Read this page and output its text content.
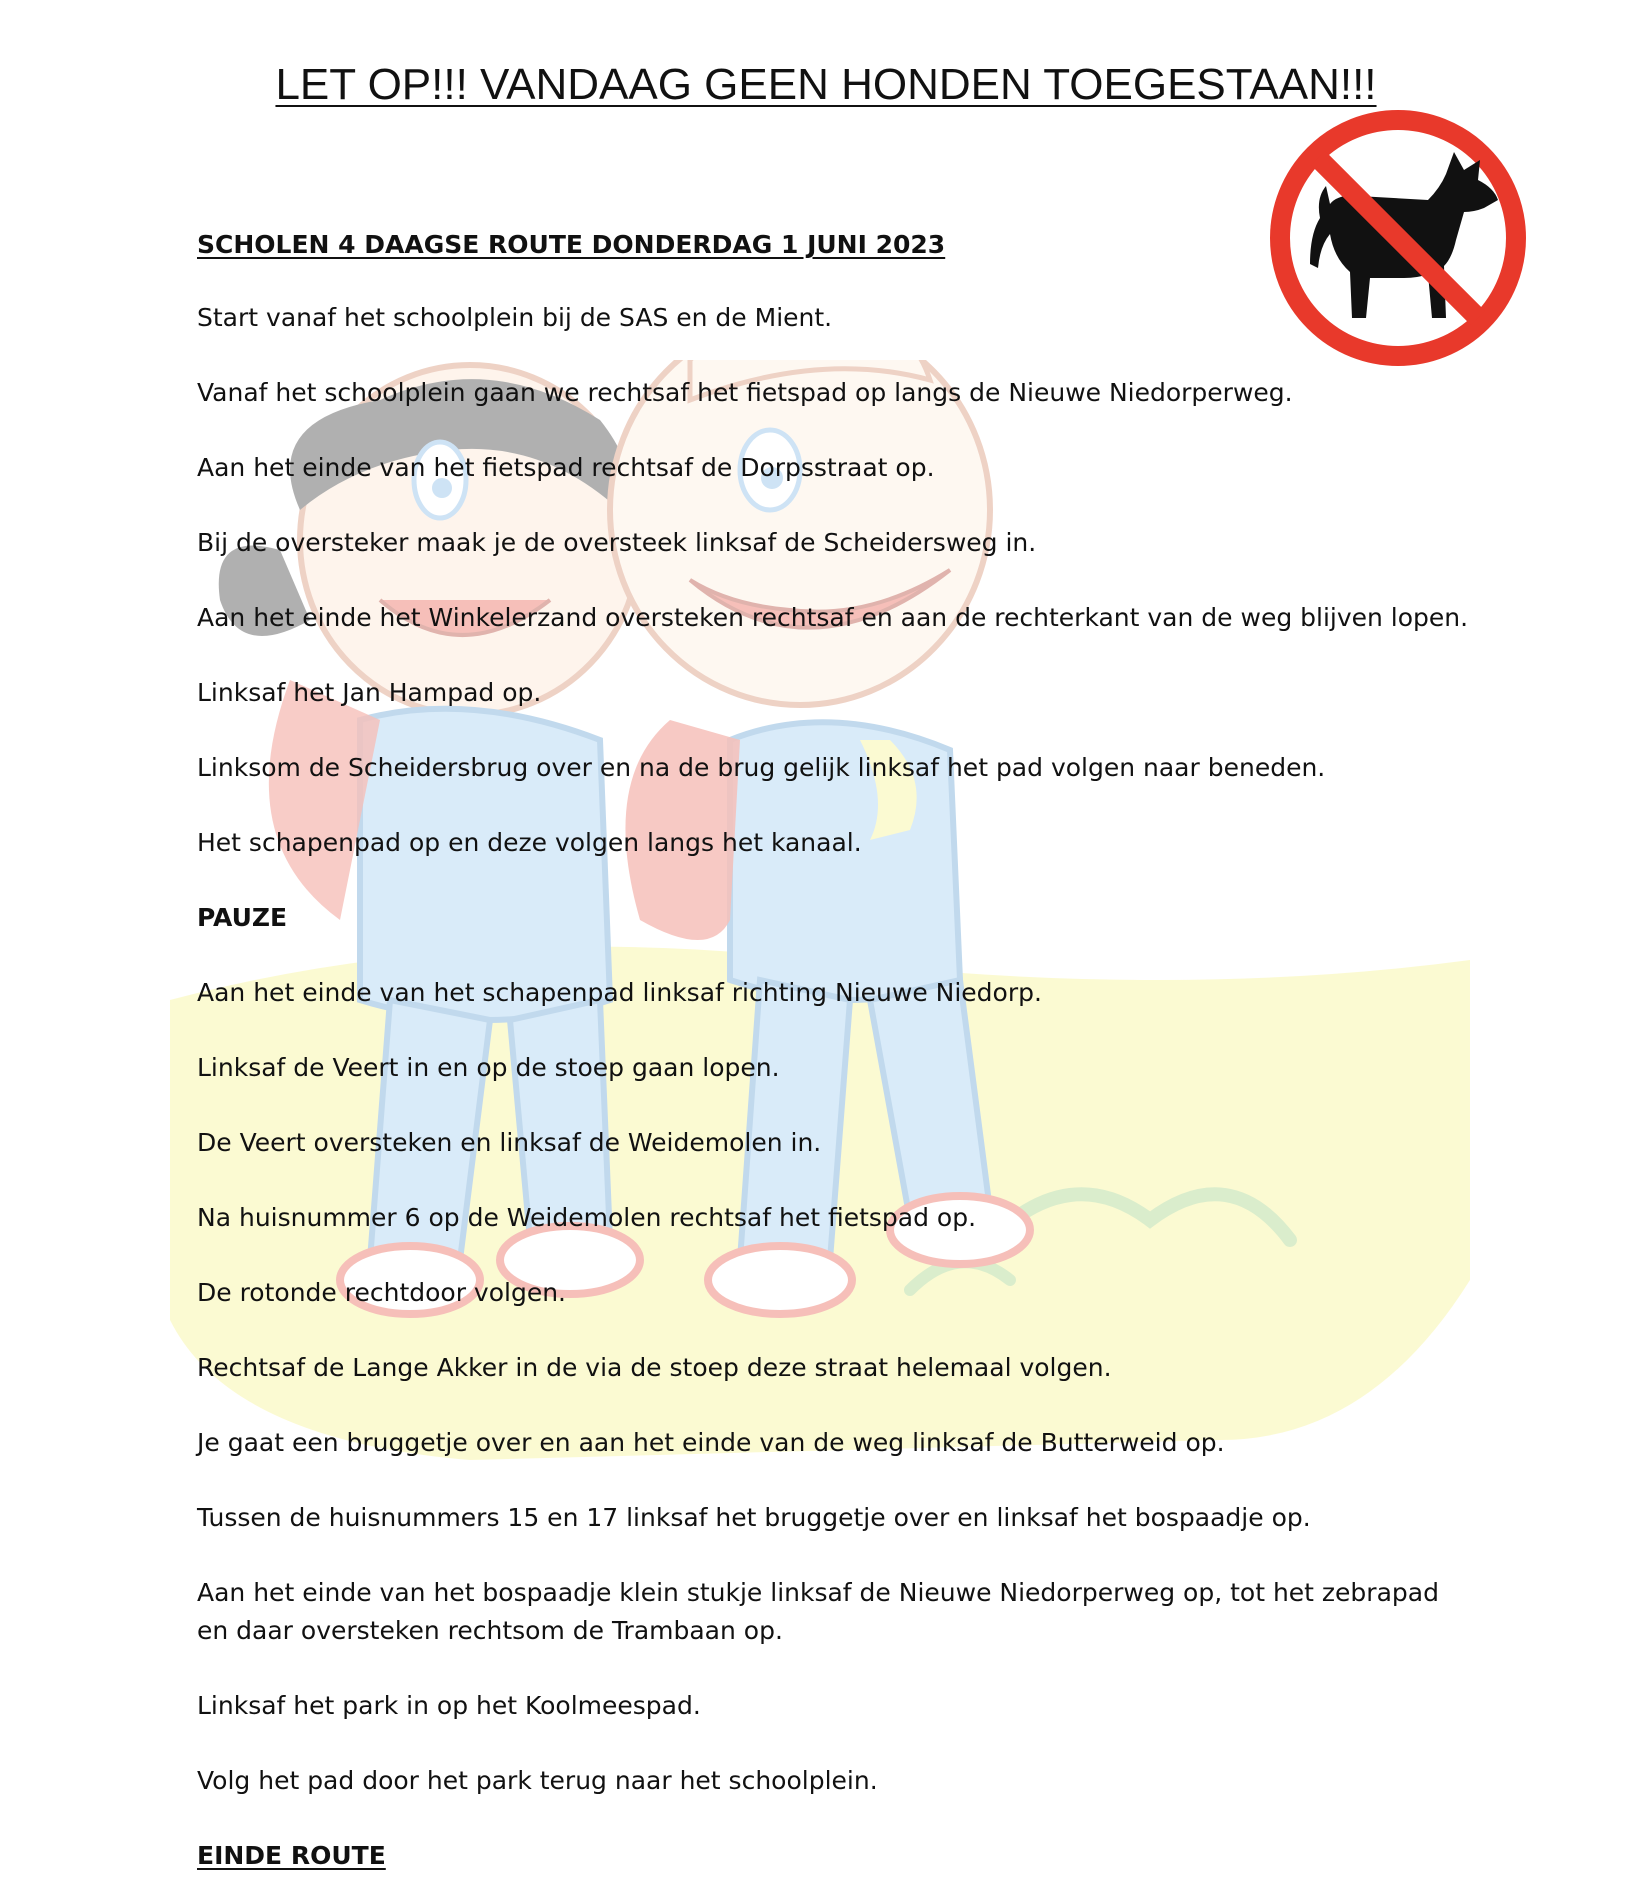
LET OP!!! VANDAAG GEEN HONDEN TOEGESTAAN!!!
SCHOLEN 4 DAAGSE ROUTE DONDERDAG 1 JUNI 2023

Start vanaf het schoolplein bij de SAS en de Mient.

Vanaf het schoolplein gaan we rechtsaf het fietspad op langs de Nieuwe Niedorperweg.

Aan het einde van het fietspad rechtsaf de Dorpsstraat op.

Bij de oversteker maak je de oversteek linksaf de Scheidersweg in.

Aan het einde het Winkelerzand oversteken rechtsaf en aan de rechterkant van de weg blijven lopen.

Linksaf het Jan Hampad op.

Linksom de Scheidersbrug over en na de brug gelijk linksaf het pad volgen naar beneden.

Het schapenpad op en deze volgen langs het kanaal.

PAUZE

Aan het einde van het schapenpad linksaf richting Nieuwe Niedorp.

Linksaf de Veert in en op de stoep gaan lopen.

De Veert oversteken en linksaf de Weidemolen in.

Na huisnummer 6 op de Weidemolen rechtsaf het fietspad op.

De rotonde rechtdoor volgen.

Rechtsaf de Lange Akker in de via de stoep deze straat helemaal volgen.

Je gaat een bruggetje over en aan het einde van de weg linksaf de Butterweid op.

Tussen de huisnummers 15 en 17 linksaf het bruggetje over en linksaf het bospaadje op.

Aan het einde van het bospaadje klein stukje linksaf de Nieuwe Niedorperweg op, tot het zebrapad en daar oversteken rechtsom de Trambaan op.

Linksaf het park in op het Koolmeespad.

Volg het pad door het park terug naar het schoolplein.

EINDE ROUTE
